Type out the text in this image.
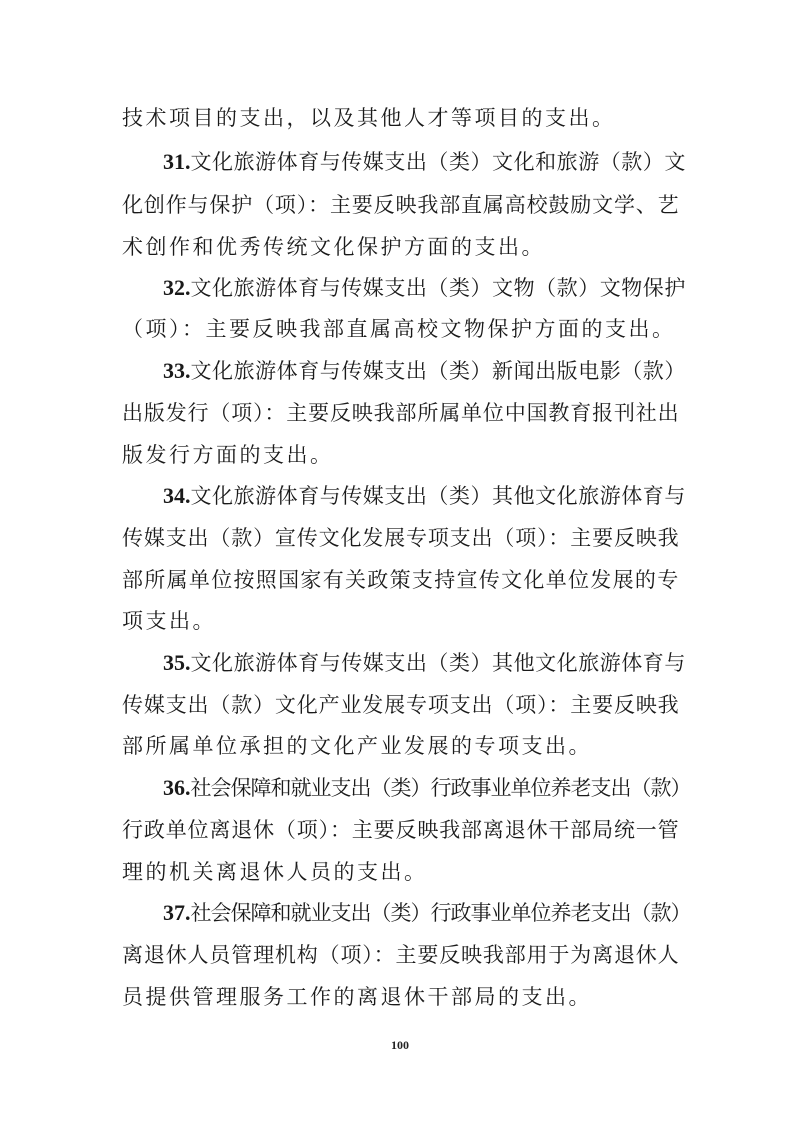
技术项目的支出，以及其他人才等项目的支出。
31.文化旅游体育与传媒支出（类）文化和旅游（款）文
化创作与保护（项）：主要反映我部直属高校鼓励文学、艺
术创作和优秀传统文化保护方面的支出。
32.文化旅游体育与传媒支出（类）文物（款）文物保护
（项）：主要反映我部直属高校文物保护方面的支出。
33.文化旅游体育与传媒支出（类）新闻出版电影（款）
出版发行（项）：主要反映我部所属单位中国教育报刊社出
版发行方面的支出。
34.文化旅游体育与传媒支出（类）其他文化旅游体育与
传媒支出（款）宣传文化发展专项支出（项）：主要反映我
部所属单位按照国家有关政策支持宣传文化单位发展的专
项支出。
35.文化旅游体育与传媒支出（类）其他文化旅游体育与
传媒支出（款）文化产业发展专项支出（项）：主要反映我
部所属单位承担的文化产业发展的专项支出。
36.社会保障和就业支出（类）行政事业单位养老支出（款）
行政单位离退休（项）：主要反映我部离退休干部局统一管
理的机关离退休人员的支出。
37.社会保障和就业支出（类）行政事业单位养老支出（款）
离退休人员管理机构（项）：主要反映我部用于为离退休人
员提供管理服务工作的离退休干部局的支出。
100
